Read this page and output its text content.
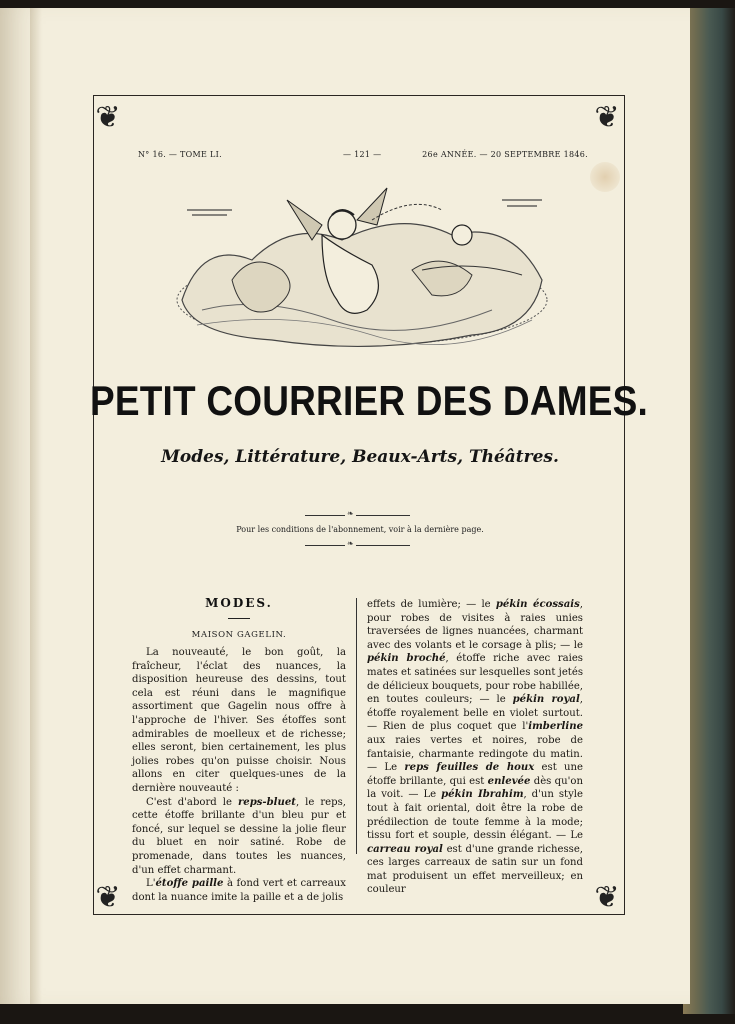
❦	❦
❦	❦
N° 16. — TOME LI.	— 121 —	26e ANNÉE. — 20 SEPTEMBRE 1846.
PETIT COURRIER DES DAMES.
Modes, Littérature, Beaux-Arts, Théâtres.
❧
Pour les conditions de l'abonnement, voir à la dernière page.
❧
MODES.
MAISON GAGELIN.

La nouveauté, le bon goût, la fraîcheur, l'éclat des nuances, la disposition heureuse des dessins, tout cela est réuni dans le magnifique assortiment que Gagelin nous offre à l'approche de l'hiver. Ses étoffes sont admirables de moelleux et de richesse; elles seront, bien certainement, les plus jolies robes qu'on puisse choisir. Nous allons en citer quelques-unes de la dernière nouveauté :

C'est d'abord le reps-bluet, le reps, cette étoffe brillante d'un bleu pur et foncé, sur lequel se dessine la jolie fleur du bluet en noir satiné. Robe de promenade, dans toutes les nuances, d'un effet charmant.

L'étoffe paille à fond vert et carreaux dont la nuance imite la paille et a de jolis

effets de lumière; — le pékin écossais, pour robes de visites à raies unies traversées de lignes nuancées, charmant avec des volants et le corsage à plis; — le pékin broché, étoffe riche avec raies mates et satinées sur lesquelles sont jetés de délicieux bouquets, pour robe habillée, en toutes couleurs; — le pékin royal, étoffe royalement belle en violet surtout. — Rien de plus coquet que l'imberline aux raies vertes et noires, robe de fantaisie, charmante redingote du matin. — Le reps feuilles de houx est une étoffe brillante, qui est enlevée dès qu'on la voit. — Le pékin Ibrahim, d'un style tout à fait oriental, doit être la robe de prédilection de toute femme à la mode; tissu fort et souple, dessin élégant. — Le carreau royal est d'une grande richesse, ces larges carreaux de satin sur un fond mat produisent un effet merveilleux; en couleur
